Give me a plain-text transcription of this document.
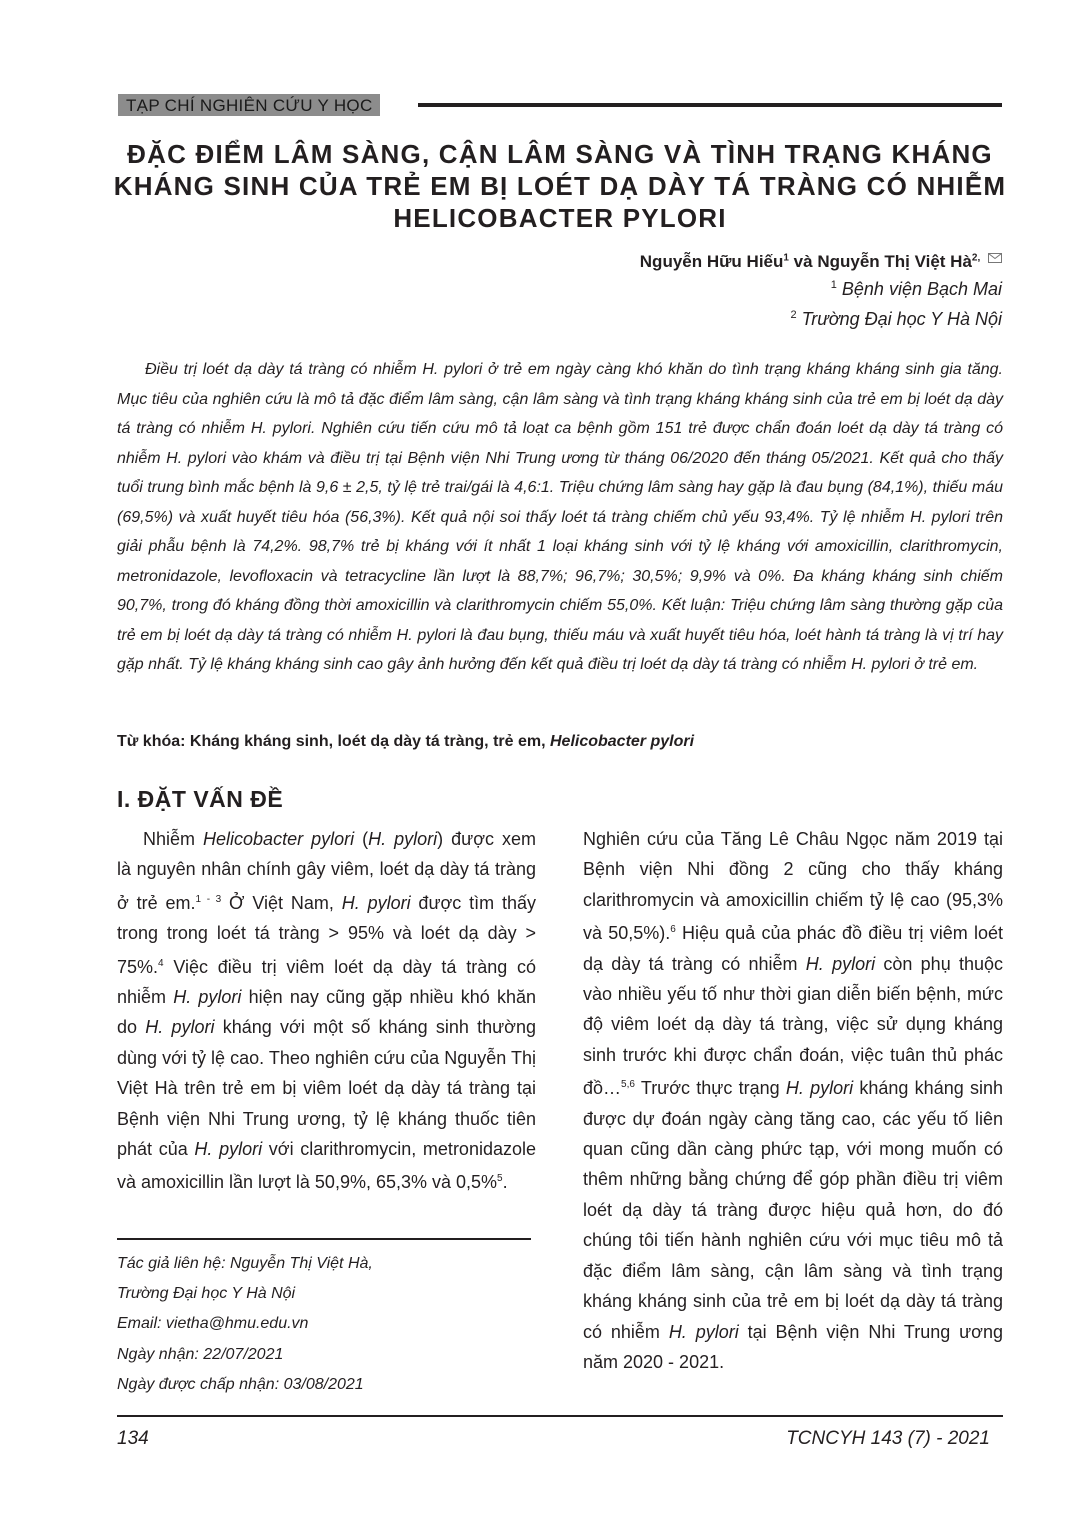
TẠP CHÍ NGHIÊN CỨU Y HỌC
ĐẶC ĐIỂM LÂM SÀNG, CẬN LÂM SÀNG VÀ TÌNH TRẠNG KHÁNG KHÁNG SINH CỦA TRẺ EM BỊ LOÉT DẠ DÀY TÁ TRÀNG CÓ NHIỄM HELICOBACTER PYLORI
Nguyễn Hữu Hiếu$^1$ và Nguyễn Thị Việt $Hà^{2,}$
$^1$ Bệnh viện Bạch Mai
$^2$ Trường Đại học Y Hà Nội

Điều trị loét dạ dày tá tràng có nhiễm H. pylori ở trẻ em ngày càng khó khăn do tình trạng kháng kháng sinh gia tăng. Mục tiêu của nghiên cứu là mô tả đặc điểm lâm sàng, cận lâm sàng và tình trạng kháng kháng sinh của trẻ em bị loét dạ dày tá tràng có nhiễm H. pylori. Nghiên cứu tiến cứu mô tả loạt ca bệnh gồm 151 trẻ được chẩn đoán loét dạ dày tá tràng có nhiễm H. pylori vào khám và điều trị tại Bệnh viện Nhi Trung ương từ tháng 06/2020 đến tháng 05/2021. Kết quả cho thấy tuổi trung bình mắc bệnh là 9,6 ± 2,5, tỷ lệ trẻ trai/gái là 4,6:1. Triệu chứng lâm sàng hay gặp là đau bụng (84,1%), thiếu máu (69,5%) và xuất huyết tiêu hóa (56,3%). Kết quả nội soi thấy loét tá tràng chiếm chủ yếu 93,4%. Tỷ lệ nhiễm H. pylori trên giải phẫu bệnh là 74,2%. 98,7% trẻ bị kháng với ít nhất 1 loại kháng sinh với tỷ lệ kháng với amoxicillin, clarithromycin, metronidazole, levofloxacin và tetracycline lần lượt là 88,7%; 96,7%; 30,5%; 9,9% và 0%. Đa kháng kháng sinh chiếm 90,7%, trong đó kháng đồng thời amoxicillin và clarithromycin chiếm 55,0%. Kết luận: Triệu chứng lâm sàng thường gặp của trẻ em bị loét dạ dày tá tràng có nhiễm H. pylori là đau bụng, thiếu máu và xuất huyết tiêu hóa, loét hành tá tràng là vị trí hay gặp nhất. Tỷ lệ kháng kháng sinh cao gây ảnh hưởng đến kết quả điều trị loét dạ dày tá tràng có nhiễm H. pylori ở trẻ em.

Từ khóa: Kháng kháng sinh, loét dạ dày tá tràng, trẻ em, Helicobacter pylori
I. ĐẶT VẤN ĐỀ

Nhiễm Helicobacter pylori (H. pylori) được xem là nguyên nhân chính gây viêm, loét dạ dày tá tràng ở trẻ em.$^{1 - 3}$ Ở Việt Nam, H. pylori được tìm thấy trong trong loét tá tràng > 95% và loét dạ dày > 75%.$^4$ Việc điều trị viêm loét dạ dày tá tràng có nhiễm H. pylori hiện nay cũng gặp nhiều khó khăn do H. pylori kháng với một số kháng sinh thường dùng với tỷ lệ cao. Theo nghiên cứu của Nguyễn Thị Việt Hà trên trẻ em bị viêm loét dạ dày tá tràng tại Bệnh viện Nhi Trung ương, tỷ lệ kháng thuốc tiên phát của H. pylori với clarithromycin, metronidazole và amoxicillin lần lượt là 50,9%, 65,3% và 0,5%$^5$.

Nghiên cứu của Tăng Lê Châu Ngọc năm 2019 tại Bệnh viện Nhi đồng 2 cũng cho thấy kháng clarithromycin và amoxicillin chiếm tỷ lệ cao (95,3% và 50,5%).$^6$ Hiệu quả của phác đồ điều trị viêm loét dạ dày tá tràng có nhiễm H. pylori còn phụ thuộc vào nhiều yếu tố như thời gian diễn biến bệnh, mức độ viêm loét dạ dày tá tràng, việc sử dụng kháng sinh trước khi được chẩn đoán, việc tuân thủ phác đồ…$^{5,6}$ Trước thực trạng H. pylori kháng kháng sinh được dự đoán ngày càng tăng cao, các yếu tố liên quan cũng dần càng phức tạp, với mong muốn có thêm những bằng chứng để góp phần điều trị viêm loét dạ dày tá tràng được hiệu quả hơn, do đó chúng tôi tiến hành nghiên cứu với mục tiêu mô tả đặc điểm lâm sàng, cận lâm sàng và tình trạng kháng kháng sinh của trẻ em bị loét dạ dày tá tràng có nhiễm H. pylori tại Bệnh viện Nhi Trung ương năm 2020 - 2021.

Tác giả liên hệ: Nguyễn Thị Việt Hà,
Trường Đại học Y Hà Nội
Email: vietha@hmu.edu.vn
Ngày nhận: 22/07/2021
Ngày được chấp nhận: 03/08/2021
134	TCNCYH 143 (7) - 2021
